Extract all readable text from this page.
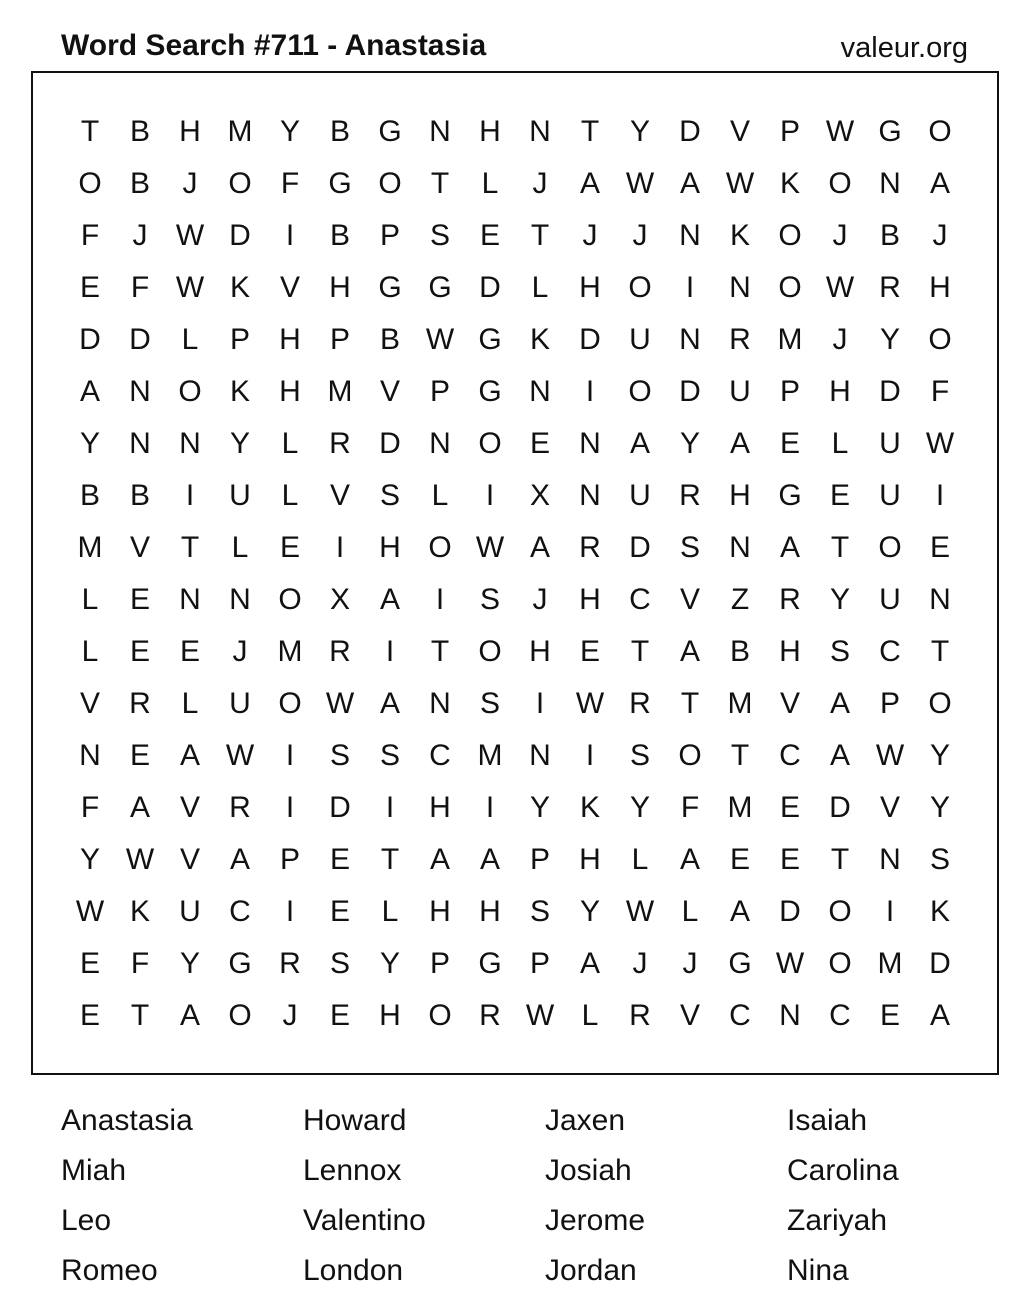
Word Search #711 - Anastasia	valeur.org
T	B H M Y B G N H N	T	Y D V P W G O
O B	J	O F G O T	L	J	A W A W K O N A
F	J W D	I	B P S E	T	J	J	N K O	J	B	J
E	F W K V H G G D	L	H O	I	N O W R H
D D	L	P H P B W G K D U N R M	J	Y O
A N O K H M V P G N	I	O D U P H D	F
Y N N Y	L	R D N O E N A Y A E	L	U W
B B	I	U	L	V S	L	I	X N U R H G E U	I
M V	T	L	E	I	H O W A R D S N A	T O E
L	E N N O X A	I	S	J	H C V	Z	R Y U N
L	E E	J	M R	I	T O H E	T	A B H S C	T
V R	L	U O W A N S	I	W R	T M V A P O
N E A W	I	S S C M N	I	S O T	C A W Y
F	A V R	I	D	I	H	I	Y K Y	F M E D V Y
Y W V A P E	T	A A P H	L	A E E	T	N S
W K U C	I	E	L	H H S Y W L	A D O	I	K
E	F	Y G R S Y P G P A	J	J	G W O M D
E	T	A O	J	E H O R W L	R V C N C E A
Anastasia	Howard	Jaxen	Isaiah
Miah	Lennox	Josiah	Carolina
Leo	Valentino	Jerome	Zariyah
Romeo	London	Jordan	Nina
